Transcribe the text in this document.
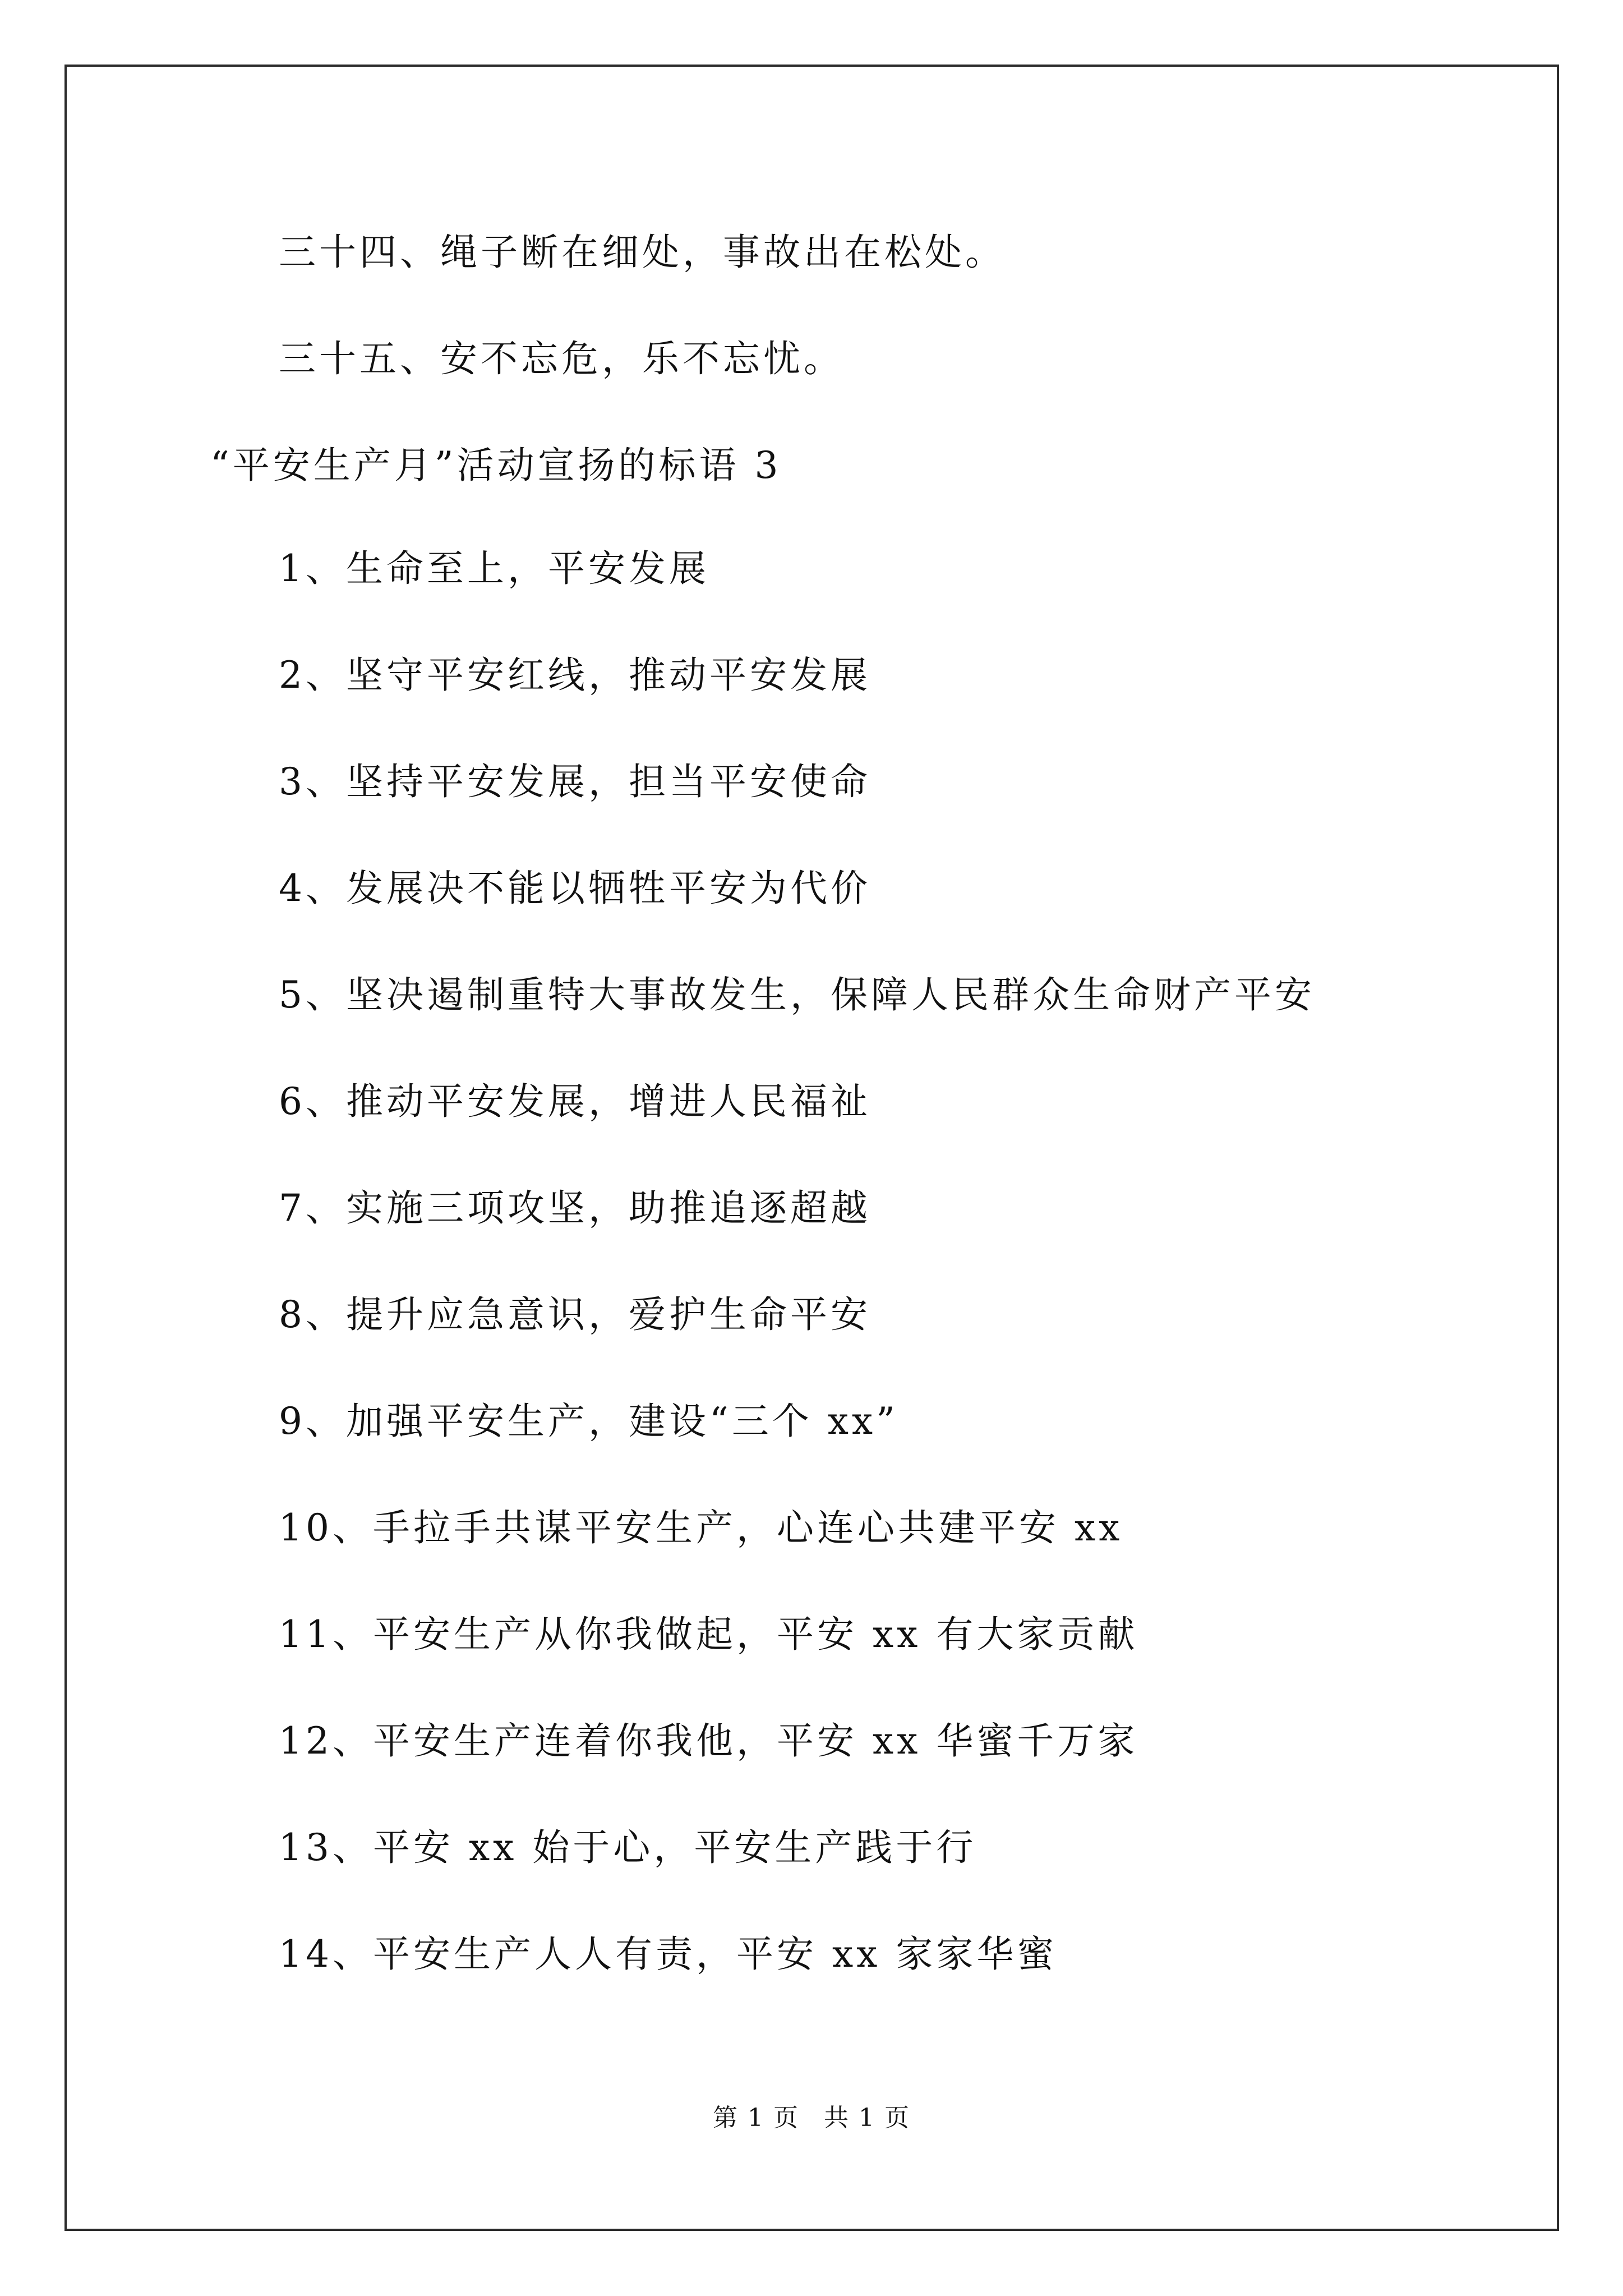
三十四、绳子断在细处，事故出在松处。
三十五、安不忘危，乐不忘忧。
“平安生产月”活动宣扬的标语 3
1、生命至上，平安发展
2、坚守平安红线，推动平安发展
3、坚持平安发展，担当平安使命
4、发展决不能以牺牲平安为代价
5、坚决遏制重特大事故发生，保障人民群众生命财产平安
6、推动平安发展，增进人民福祉
7、实施三项攻坚，助推追逐超越
8、提升应急意识，爱护生命平安
9、加强平安生产，建设“三个 xx”
10、手拉手共谋平安生产，心连心共建平安 xx
11、平安生产从你我做起，平安 xx 有大家贡献
12、平安生产连着你我他，平安 xx 华蜜千万家
13、平安 xx 始于心，平安生产践于行
14、平安生产人人有责，平安 xx 家家华蜜
第 1 页 共 1 页
